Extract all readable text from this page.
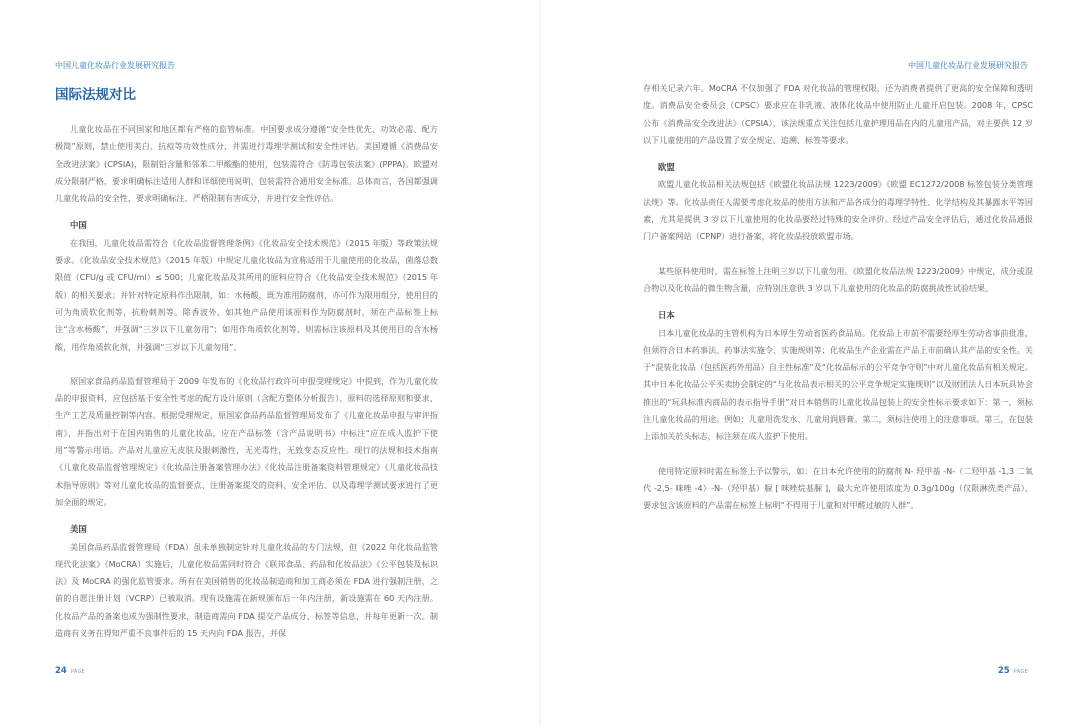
中国儿童化妆品行业发展研究报告
国际法规对比

儿童化妆品在不同国家和地区都有严格的监管标准。中国要求成分遵循“安全性优先、功效必需、配方极简”原则，禁止使用美白、抗痘等功效性成分，并需进行毒理学测试和安全性评估。美国遵循《消费品安全改进法案》(CPSIA)，限制铅含量和邻苯二甲酸酯的使用，包装需符合《防毒包装法案》(PPPA)。欧盟对成分限制严格，要求明确标注适用人群和详细使用说明，包装需符合通用安全标准。总体而言，各国都强调儿童化妆品的安全性，要求明确标注、严格限制有害成分，并进行安全性评估。

中国

在我国，儿童化妆品需符合《化妆品监督管理条例》《化妆品安全技术规范》（2015 年版）等政策法规要求。《化妆品安全技术规范》（2015 年版）中规定儿童化妆品为宣称适用于儿童使用的化妆品，菌落总数限值（CFU/g 或 CFU/ml）≤ 500；儿童化妆品及其所用的原料应符合《化妆品安全技术规范》（2015 年版）的相关要求；并针对特定原料作出限制，如：水杨酸，既为准用防腐剂，亦可作为限用组分，使用目的可为角质软化剂等，抗粉刺剂等。除香波外，如其他产品使用该原料作为防腐剂时，须在产品标签上标注“含水杨酸”，并强调“三岁以下儿童勿用”；如用作角质软化剂等，则需标注该原料及其使用目的含水杨酸，用作角质软化剂，并强调“三岁以下儿童勿用”。

原国家食品药品监督管理局于 2009 年发布的《化妆品行政许可申报受理规定》中提到，作为儿童化妆品的申报资料，应包括基于安全性考虑的配方设计原则（含配方整体分析报告）、原料的选择原则和要求、生产工艺及质量控制等内容。根据受理规定，原国家食品药品监督管理局发布了《儿童化妆品申报与审评指南》，并指出对于在国内销售的儿童化妆品，应在产品标签（含产品说明书）中标注“应在成人监护下使用”等警示用语。产品对儿童应无皮肤及眼刺激性，无光毒性，无致变态反应性。现行的法规和技术指南《儿童化妆品监督管理规定》《化妆品注册备案管理办法》《化妆品注册备案资料管理规定》《儿童化妆品技术指导原则》等对儿童化妆品的监督要点、注册备案提交的资料、安全评估、以及毒理学测试要求进行了更加全面的规定。

美国

美国食品药品监督管理局（FDA）虽未单独制定针对儿童化妆品的专门法规，但《2022 年化妆品监管现代化法案》（MoCRA）实施后，儿童化妆品需同时符合《联邦食品、药品和化妆品法》《公平包装及标识法》及 MoCRA 的强化监管要求。所有在美国销售的化妆品制造商和加工商必须在 FDA 进行强制注册，之前的自愿注册计划（VCRP）已被取消。现有设施需在新规颁布后一年内注册，新设施需在 60 天内注册。化妆品产品的备案也成为强制性要求，制造商需向 FDA 提交产品成分、标签等信息，并每年更新一次。制造商有义务在得知严重不良事件后的 15 天内向 FDA 报告，并保

24 PAGE
中国儿童化妆品行业发展研究报告

存相关记录六年。MoCRA 不仅加强了 FDA 对化妆品的管理权限，还为消费者提供了更高的安全保障和透明度。消费品安全委员会（CPSC）要求应在非乳液、液体化妆品中使用防止儿童开启包装。2008 年，CPSC 公布《消费品安全改进法》（CPSIA），该法规重点关注包括儿童护理用品在内的儿童用产品，对主要供 12 岁以下儿童使用的产品设置了安全规定、追溯、标签等要求。

欧盟

欧盟儿童化妆品相关法规包括《欧盟化妆品法规 1223/2009》《欧盟 EC1272/2008 标签包装分类管理法规》等。化妆品责任人需要考虑化妆品的使用方法和产品各成分的毒理学特性、化学结构及其暴露水平等因素，尤其是提供 3 岁以下儿童使用的化妆品要经过特殊的安全评价。经过产品安全评估后，通过化妆品通报门户备案网站（CPNP）进行备案，将化妆品投放欧盟市场。

某些原料使用时，需在标签上注明三岁以下儿童勿用。《欧盟化妆品法规 1223/2009》中规定，成分或混合物以及化妆品的微生物含量，应特别注意供 3 岁以下儿童使用的化妆品的防腐挑战性试验结果。

日本

日本儿童化妆品的主管机构为日本厚生劳动省医药食品局。化妆品上市前不需要经厚生劳动省事前批准，但须符合日本药事法、药事法实施令、实施规则等；化妆品生产企业需在产品上市前确认其产品的安全性。关于“混装化妆品（包括医药外用品）自主性标准”及“化妆品标示的公平竞争守则”中对儿童化妆品有相关规定。其中日本化妆品公平买卖协会制定的“与化妆品表示相关的公平竞争规定实施规则”以及财团法人日本玩具协会推出的“玩具标准内商品的表示指导手册”对日本销售的儿童化妆品包装上的安全性标示要求如下：第一，须标注儿童化妆品的用途。例如：儿童用洗发水、儿童用润唇膏。第二，须标注使用上的注意事项。第三，在包装上添加关於头标志，标注须在成人监护下使用。

使用特定原料时需在标签上予以警示，如：在日本允许使用的防腐剂 N- 羟甲基 -N-（二羟甲基 -1,3 二氧代 -2,5- 咪唑 -4）-N-（羟甲基）脲 [ 咪唑烷基脲 ]，最大允许使用浓度为 0.3g/100g（仅限淋洗类产品），要求包含该原料的产品需在标签上标明“不得用于儿童和对甲醛过敏的人群”。

25 PAGE
